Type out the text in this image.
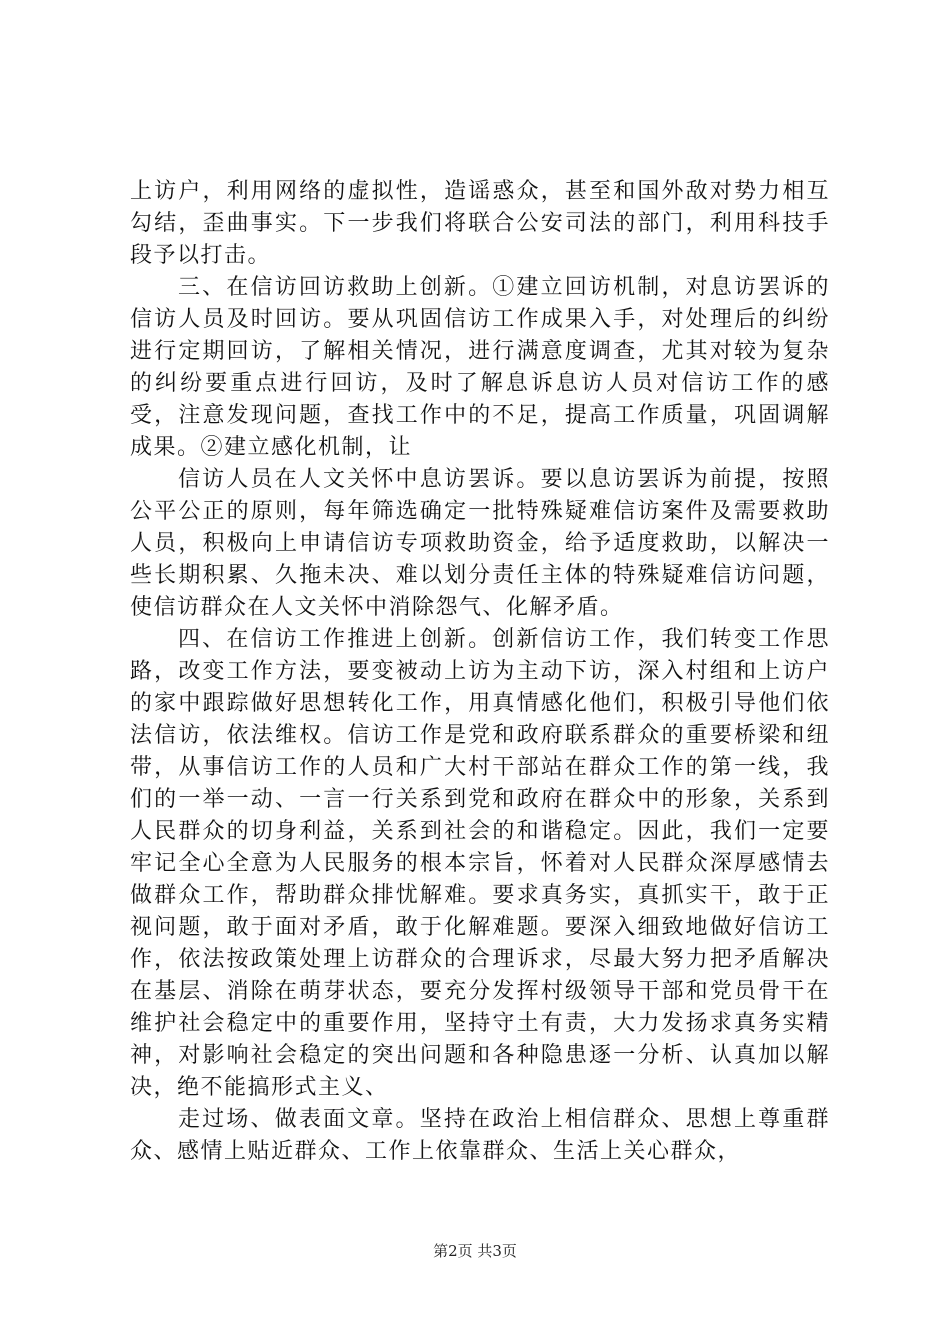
上访户，利用网络的虚拟性，造谣惑众，甚至和国外敌对势力相互勾结，歪曲事实。下一步我们将联合公安司法的部门，利用科技手段予以打击。

三、在信访回访救助上创新。①建立回访机制，对息访罢诉的信访人员及时回访。要从巩固信访工作成果入手，对处理后的纠纷进行定期回访，了解相关情况，进行满意度调查，尤其对较为复杂的纠纷要重点进行回访，及时了解息诉息访人员对信访工作的感受，注意发现问题，查找工作中的不足，提高工作质量，巩固调解成果。②建立感化机制，让

信访人员在人文关怀中息访罢诉。要以息访罢诉为前提，按照公平公正的原则，每年筛选确定一批特殊疑难信访案件及需要救助人员，积极向上申请信访专项救助资金，给予适度救助，以解决一些长期积累、久拖未决、难以划分责任主体的特殊疑难信访问题，使信访群众在人文关怀中消除怨气、化解矛盾。

四、在信访工作推进上创新。创新信访工作，我们转变工作思路，改变工作方法，要变被动上访为主动下访，深入村组和上访户的家中跟踪做好思想转化工作，用真情感化他们，积极引导他们依法信访，依法维权。信访工作是党和政府联系群众的重要桥梁和纽带，从事信访工作的人员和广大村干部站在群众工作的第一线，我们的一举一动、一言一行关系到党和政府在群众中的形象，关系到人民群众的切身利益，关系到社会的和谐稳定。因此，我们一定要牢记全心全意为人民服务的根本宗旨，怀着对人民群众深厚感情去做群众工作，帮助群众排忧解难。要求真务实，真抓实干，敢于正视问题，敢于面对矛盾，敢于化解难题。要深入细致地做好信访工作，依法按政策处理上访群众的合理诉求，尽最大努力把矛盾解决在基层、消除在萌芽状态，要充分发挥村级领导干部和党员骨干在维护社会稳定中的重要作用，坚持守土有责，大力发扬求真务实精神，对影响社会稳定的突出问题和各种隐患逐一分析、认真加以解决，绝不能搞形式主义、

走过场、做表面文章。坚持在政治上相信群众、思想上尊重群众、感情上贴近群众、工作上依靠群众、生活上关心群众，

第2页 共3页
